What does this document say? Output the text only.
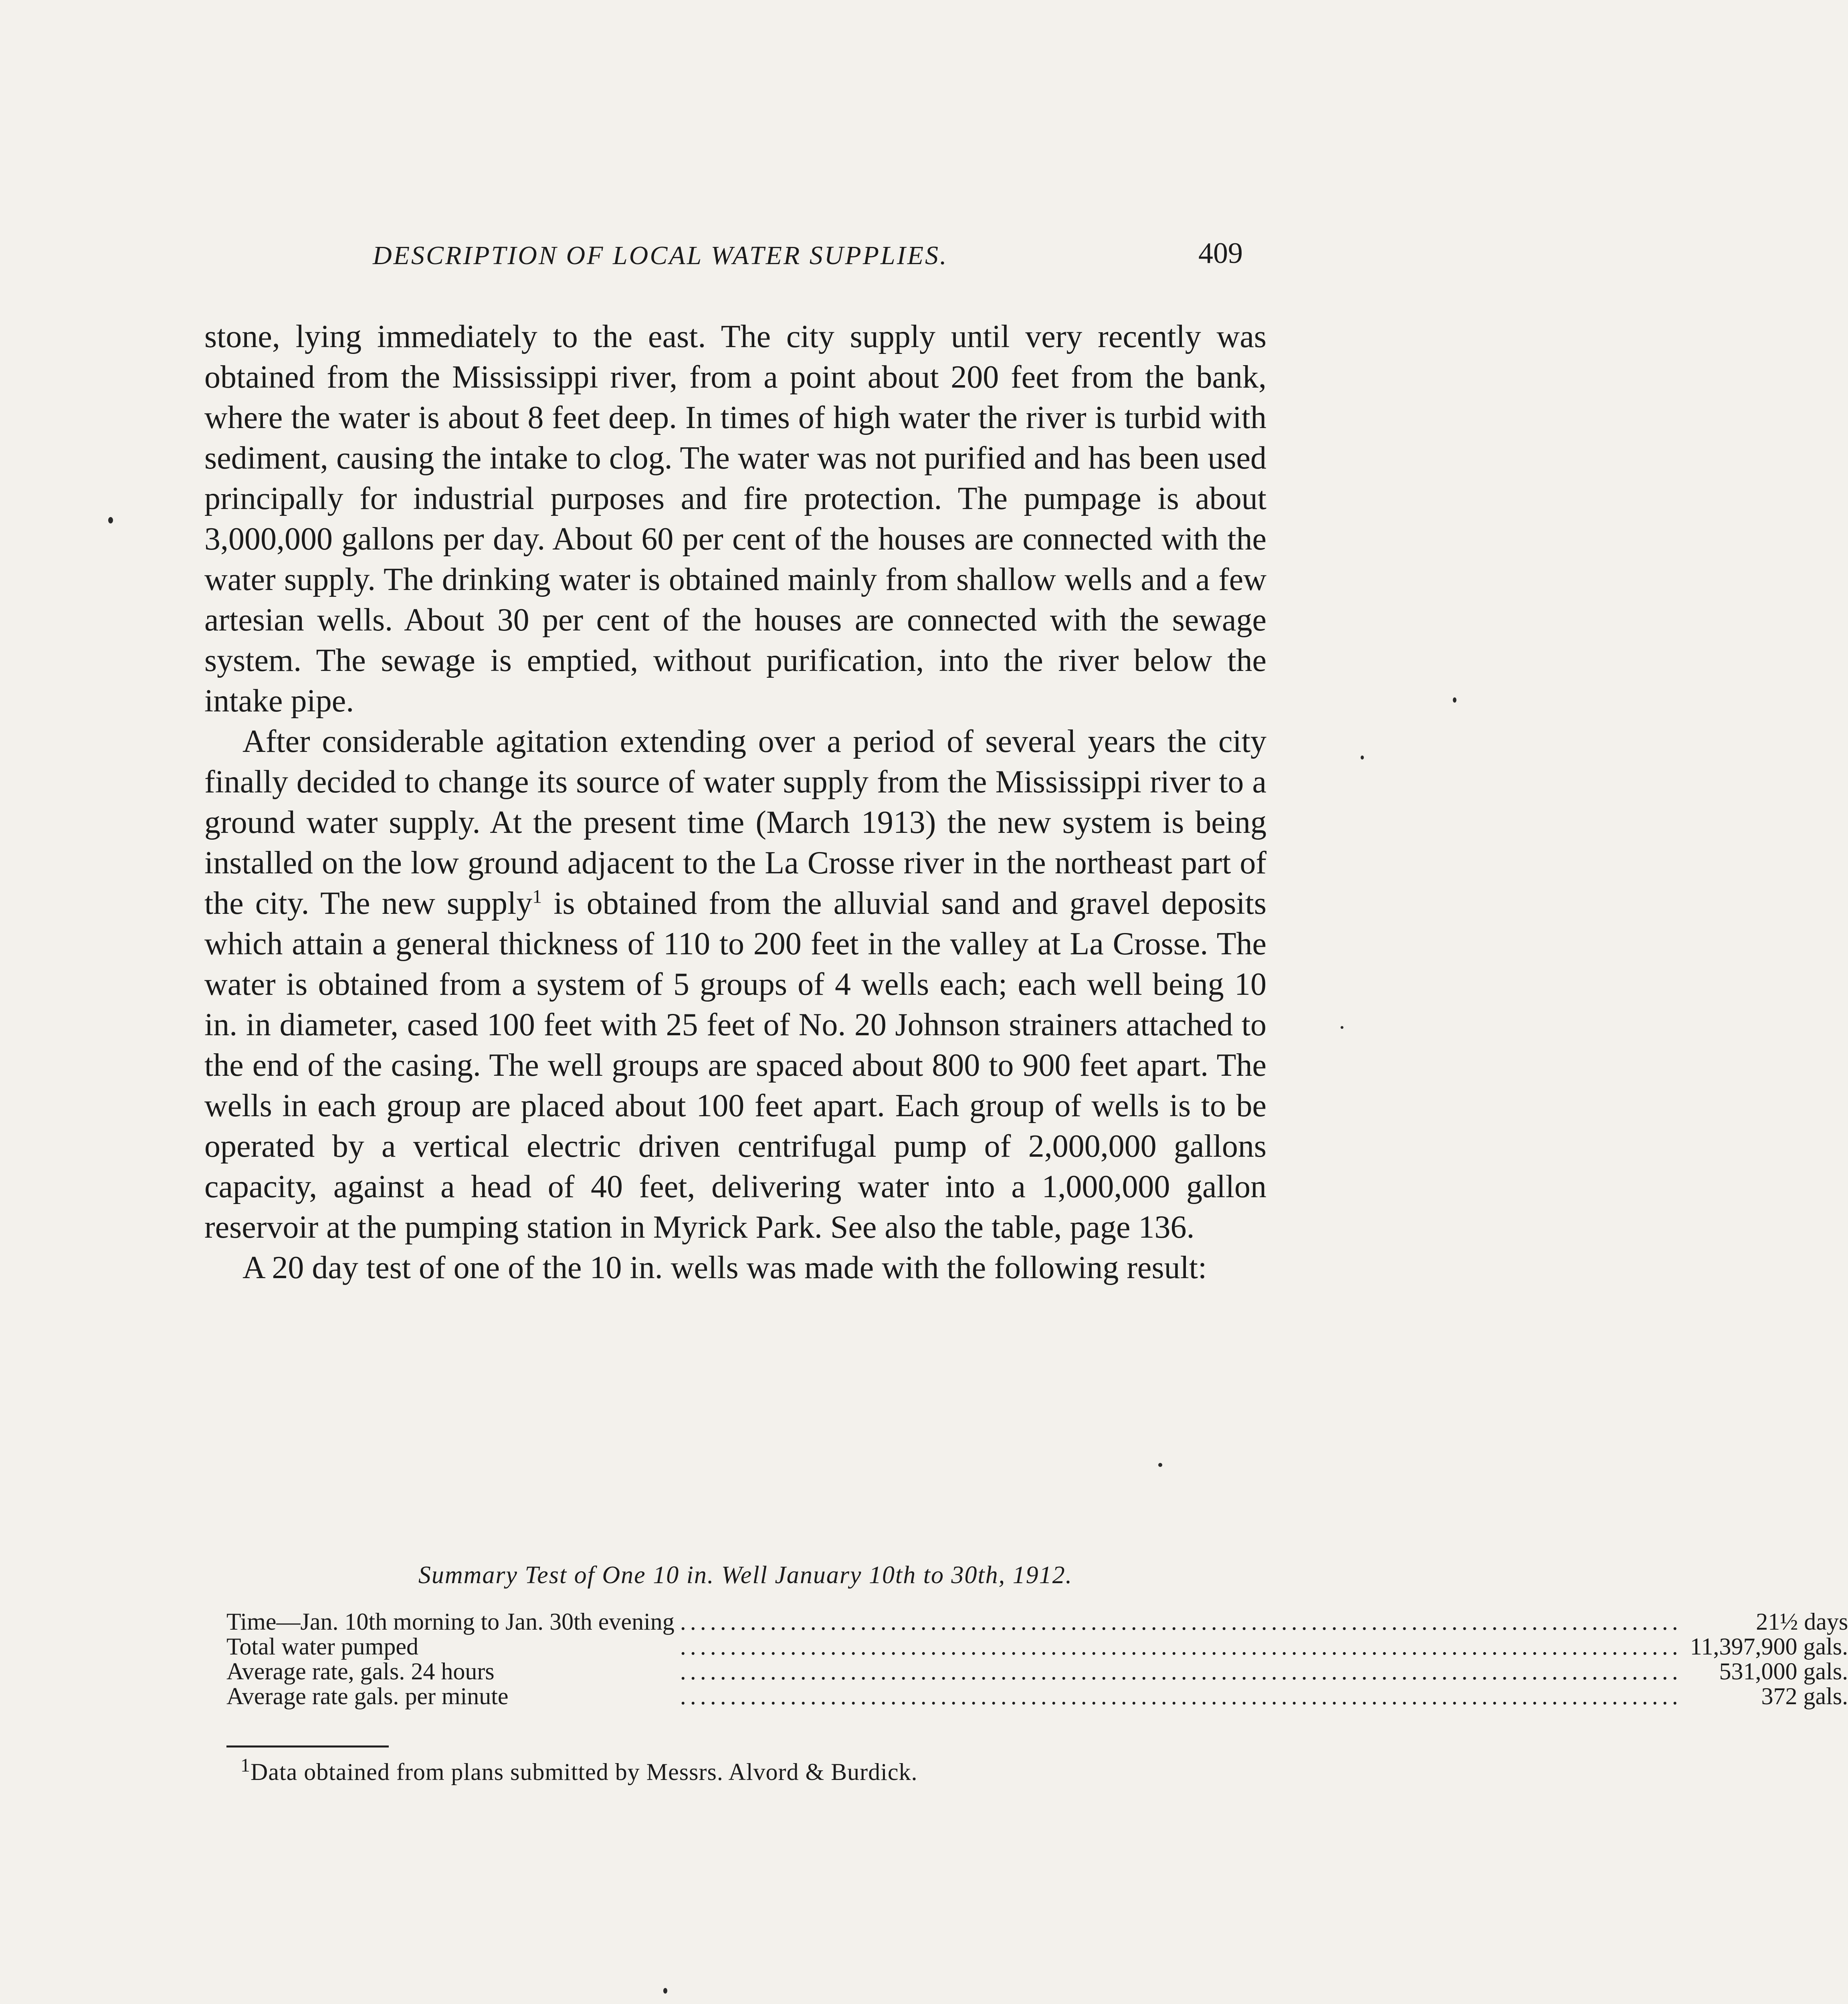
DESCRIPTION OF LOCAL WATER SUPPLIES.	409

stone, lying immediately to the east. The city supply until very recently was obtained from the Mississippi river, from a point about 200 feet from the bank, where the water is about 8 feet deep. In times of high water the river is turbid with sediment, causing the intake to clog. The water was not purified and has been used principally for industrial purposes and fire protection. The pumpage is about 3,000,000 gallons per day. About 60 per cent of the houses are connected with the water supply. The drinking water is obtained mainly from shallow wells and a few artesian wells. About 30 per cent of the houses are connected with the sewage system. The sewage is emptied, without purification, into the river below the intake pipe.

After considerable agitation extending over a period of several years the city finally decided to change its source of water supply from the Mississippi river to a ground water supply. At the present time (March 1913) the new system is being installed on the low ground adjacent to the La Crosse river in the northeast part of the city. The new supply$^1$ is obtained from the alluvial sand and gravel deposits which attain a general thickness of 110 to 200 feet in the valley at La Crosse. The water is obtained from a system of 5 groups of 4 wells each; each well being 10 in. in diameter, cased 100 feet with 25 feet of No. 20 Johnson strainers attached to the end of the casing. The well groups are spaced about 800 to 900 feet apart. The wells in each group are placed about 100 feet apart. Each group of wells is to be operated by a vertical electric driven centrifugal pump of 2,000,000 gallons capacity, against a head of 40 feet, delivering water into a 1,000,000 gallon reservoir at the pumping station in Myrick Park. See also the table, page 136.

A 20 day test of one of the 10 in. wells was made with the following result:

Summary Test of One 10 in. Well January 10th to 30th, 1912.
Time—Jan. 10th morning to Jan. 30th evening	....................................................................................................	21½ days
Total water pumped	....................................................................................................	11,397,900 gals.
Average rate, gals. 24 hours	....................................................................................................	531,000 gals.
Average rate gals. per minute	....................................................................................................	372 gals.
$^1$Data obtained from plans submitted by Messrs. Alvord & Burdick.
